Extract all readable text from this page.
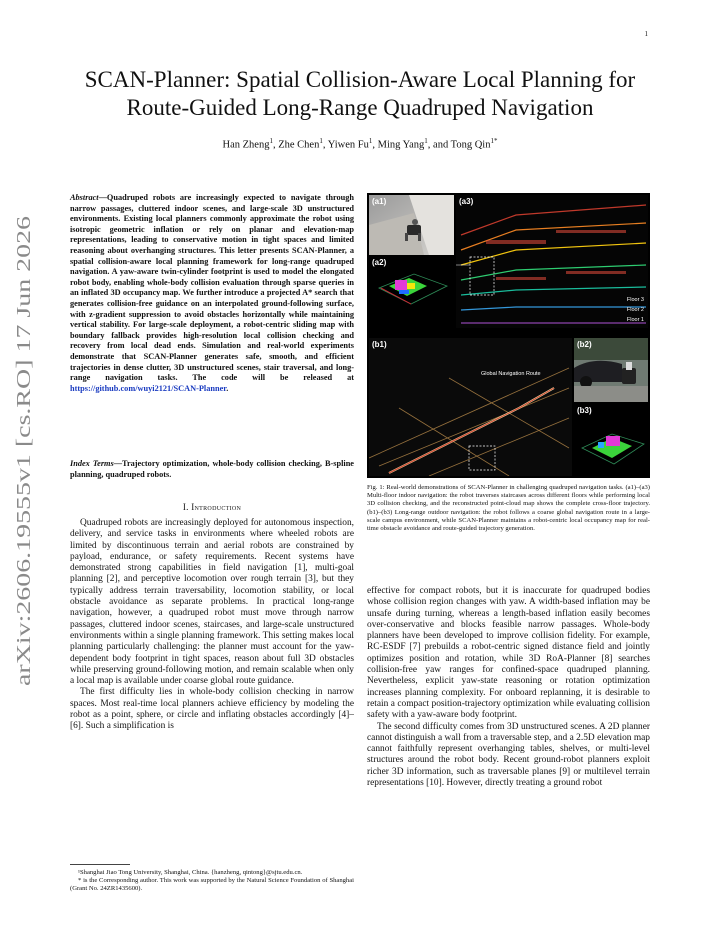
1
arXiv:2606.19555v1 [cs.RO] 17 Jun 2026
SCAN-Planner: Spatial Collision-Aware Local Planning for
Route-Guided Long-Range Quadruped Navigation
Han Zheng$^1$, Zhe Chen$^1$, Yiwen Fu$^1$, Ming Yang$^1$, and Tong Qin$^{1*}$
Abstract—Quadruped robots are increasingly expected to navigate through narrow passages, cluttered indoor scenes, and large-scale 3D unstructured environments. Existing local planners commonly approximate the robot using isotropic geometric inflation or rely on planar and elevation-map representations, leading to conservative motion in tight spaces and limited reasoning about overhanging structures. This letter presents SCAN-Planner, a spatial collision-aware local planning framework for long-range quadruped navigation. A yaw-aware twin-cylinder footprint is used to model the elongated robot body, enabling whole-body collision evaluation through sparse queries in an inflated 3D occupancy map. We further introduce a projected A* search that generates collision-free guidance on an interpolated ground-following surface, with z-gradient suppression to avoid obstacles horizontally while maintaining vertical stability. For large-scale deployment, a robot-centric sliding map with boundary fallback provides high-resolution local collision checking and recovery from local dead ends. Simulation and real-world experiments demonstrate that SCAN-Planner generates safe, smooth, and efficient trajectories in dense clutter, 3D unstructured scenes, stair traversal, and long-range navigation tasks. The code will be released at https://github.com/wuyi2121/SCAN-Planner.
Index Terms—Trajectory optimization, whole-body collision checking, B-spline planning, quadruped robots.
I. Introduction

Quadruped robots are increasingly deployed for autonomous inspection, delivery, and service tasks in environments where wheeled robots are limited by discontinuous terrain and aerial robots are constrained by payload, endurance, or safety requirements. Recent systems have demonstrated strong capabilities in field navigation [1], multi-goal planning [2], and perceptive locomotion over rough terrain [3], but they typically address terrain traversability, locomotion stability, or local obstacle avoidance as separate problems. In practical long-range navigation, however, a quadruped robot must move through narrow passages, cluttered indoor scenes, staircases, and large-scale unstructured environments within a single planning framework. This setting makes local planning particularly challenging: the planner must account for the yaw-dependent body footprint in tight spaces, reason about full 3D obstacles while preserving ground-following motion, and remain scalable when only a local map is available under coarse global route guidance.

The first difficulty lies in whole-body collision checking in narrow spaces. Most real-time local planners achieve efficiency by modeling the robot as a point, sphere, or circle and inflating obstacles accordingly [4]–[6]. Such a simplification is

¹Shanghai Jiao Tong University, Shanghai, China. {hanzheng, qintong}@sjtu.edu.cn.

* is the Corresponding author. This work was supported by the Natural Science Foundation of Shanghai (Grant No. 24ZR1435600).

(a1)
(a2)
(a3)
Floor 3
Floor 2
Floor 1
(b1)
Global Navigation Route
(b2)
(b3)
Fig. 1: Real-world demonstrations of SCAN-Planner in challenging quadruped navigation tasks. (a1)–(a3) Multi-floor indoor navigation: the robot traverses staircases across different floors while performing local 3D collision checking, and the reconstructed point-cloud map shows the complete cross-floor trajectory. (b1)–(b3) Long-range outdoor navigation: the robot follows a coarse global navigation route in a large-scale campus environment, while SCAN-Planner maintains a robot-centric local occupancy map for real-time obstacle avoidance and route-guided trajectory generation.

effective for compact robots, but it is inaccurate for quadruped bodies whose collision region changes with yaw. A width-based inflation may be unsafe during turning, whereas a length-based inflation easily becomes over-conservative and blocks feasible narrow passages. Whole-body planners have been developed to improve collision fidelity. For example, RC-ESDF [7] prebuilds a robot-centric signed distance field and jointly optimizes position and rotation, while 3D RoA-Planner [8] searches collision-free yaw ranges for confined-space quadruped planning. Nevertheless, explicit yaw-state reasoning or rotation optimization increases planning complexity. For onboard replanning, it is desirable to retain a compact position-trajectory optimization while evaluating collision safety with a yaw-aware body footprint.

The second difficulty comes from 3D unstructured scenes. A 2D planner cannot distinguish a wall from a traversable step, and a 2.5D elevation map cannot faithfully represent overhanging tables, shelves, or multi-level structures around the robot body. Recent ground-robot planners exploit richer 3D information, such as traversable planes [9] or multilevel terrain representations [10]. However, directly treating a ground robot
